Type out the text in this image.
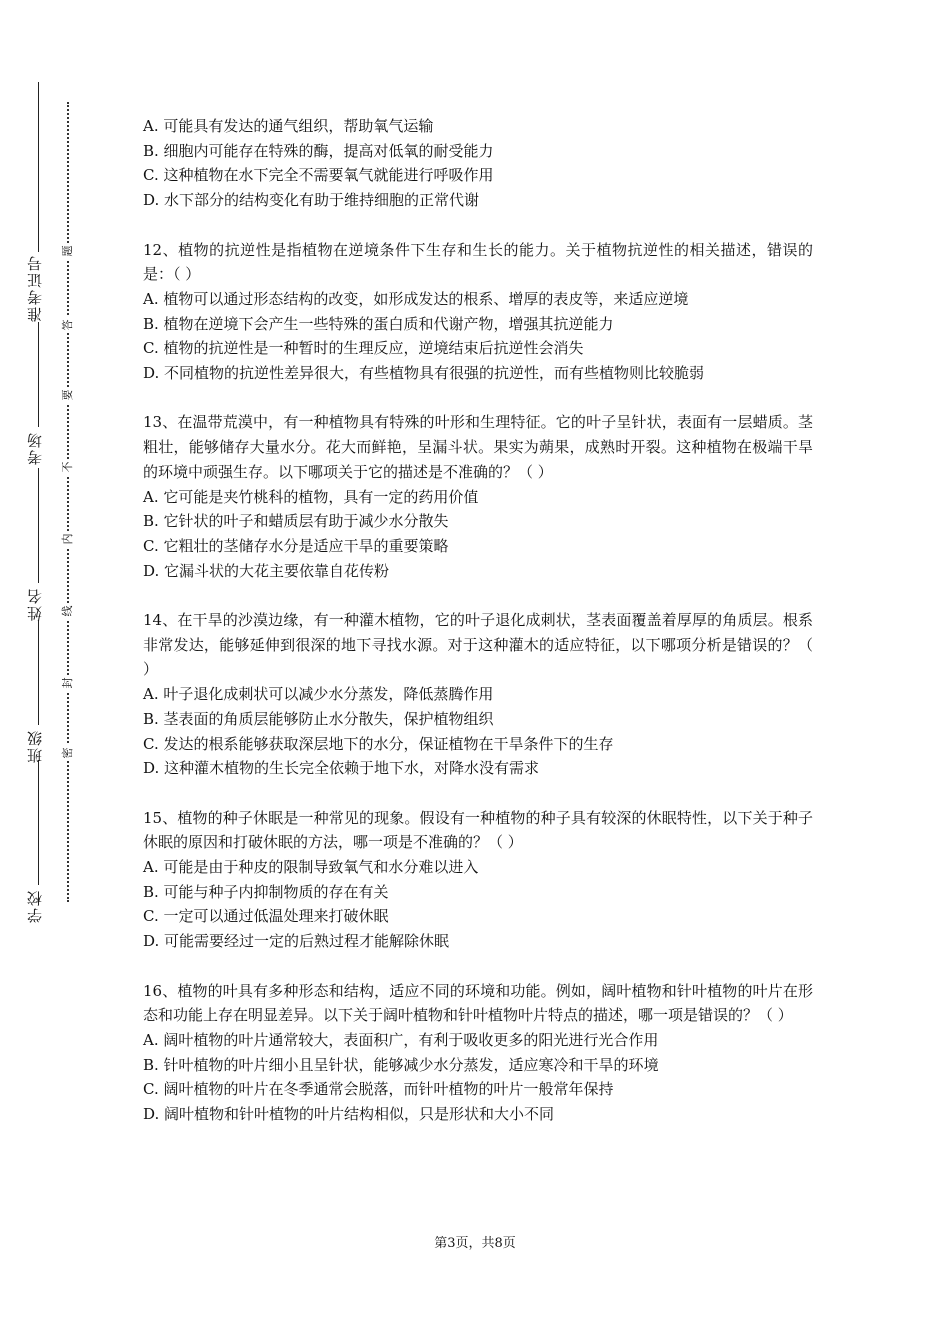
学校
班级
姓名
考场
准考证号
题
答
要
不
内
线
封
密

A. 可能具有发达的通气组织，帮助氧气运输

B. 细胞内可能存在特殊的酶，提高对低氧的耐受能力

C. 这种植物在水下完全不需要氧气就能进行呼吸作用

D. 水下部分的结构变化有助于维持细胞的正常代谢

12、植物的抗逆性是指植物在逆境条件下生存和生长的能力。关于植物抗逆性的相关描述，错误的是：（ ）

A. 植物可以通过形态结构的改变，如形成发达的根系、增厚的表皮等，来适应逆境

B. 植物在逆境下会产生一些特殊的蛋白质和代谢产物，增强其抗逆能力

C. 植物的抗逆性是一种暂时的生理反应，逆境结束后抗逆性会消失

D. 不同植物的抗逆性差异很大，有些植物具有很强的抗逆性，而有些植物则比较脆弱

13、在温带荒漠中，有一种植物具有特殊的叶形和生理特征。它的叶子呈针状，表面有一层蜡质。茎粗壮，能够储存大量水分。花大而鲜艳，呈漏斗状。果实为蒴果，成熟时开裂。这种植物在极端干旱的环境中顽强生存。以下哪项关于它的描述是不准确的？（ ）

A. 它可能是夹竹桃科的植物，具有一定的药用价值

B. 它针状的叶子和蜡质层有助于减少水分散失

C. 它粗壮的茎储存水分是适应干旱的重要策略

D. 它漏斗状的大花主要依靠自花传粉

14、在干旱的沙漠边缘，有一种灌木植物，它的叶子退化成刺状，茎表面覆盖着厚厚的角质层。根系非常发达，能够延伸到很深的地下寻找水源。对于这种灌木的适应特征，以下哪项分析是错误的？（ ）

A. 叶子退化成刺状可以减少水分蒸发，降低蒸腾作用

B. 茎表面的角质层能够防止水分散失，保护植物组织

C. 发达的根系能够获取深层地下的水分，保证植物在干旱条件下的生存

D. 这种灌木植物的生长完全依赖于地下水，对降水没有需求

15、植物的种子休眠是一种常见的现象。假设有一种植物的种子具有较深的休眠特性，以下关于种子休眠的原因和打破休眠的方法，哪一项是不准确的？（ ）

A. 可能是由于种皮的限制导致氧气和水分难以进入

B. 可能与种子内抑制物质的存在有关

C. 一定可以通过低温处理来打破休眠

D. 可能需要经过一定的后熟过程才能解除休眠

16、植物的叶具有多种形态和结构，适应不同的环境和功能。例如，阔叶植物和针叶植物的叶片在形态和功能上存在明显差异。以下关于阔叶植物和针叶植物叶片特点的描述，哪一项是错误的？（ ）

A. 阔叶植物的叶片通常较大，表面积广，有利于吸收更多的阳光进行光合作用

B. 针叶植物的叶片细小且呈针状，能够减少水分蒸发，适应寒冷和干旱的环境

C. 阔叶植物的叶片在冬季通常会脱落，而针叶植物的叶片一般常年保持

D. 阔叶植物和针叶植物的叶片结构相似，只是形状和大小不同

第3页，共8页
